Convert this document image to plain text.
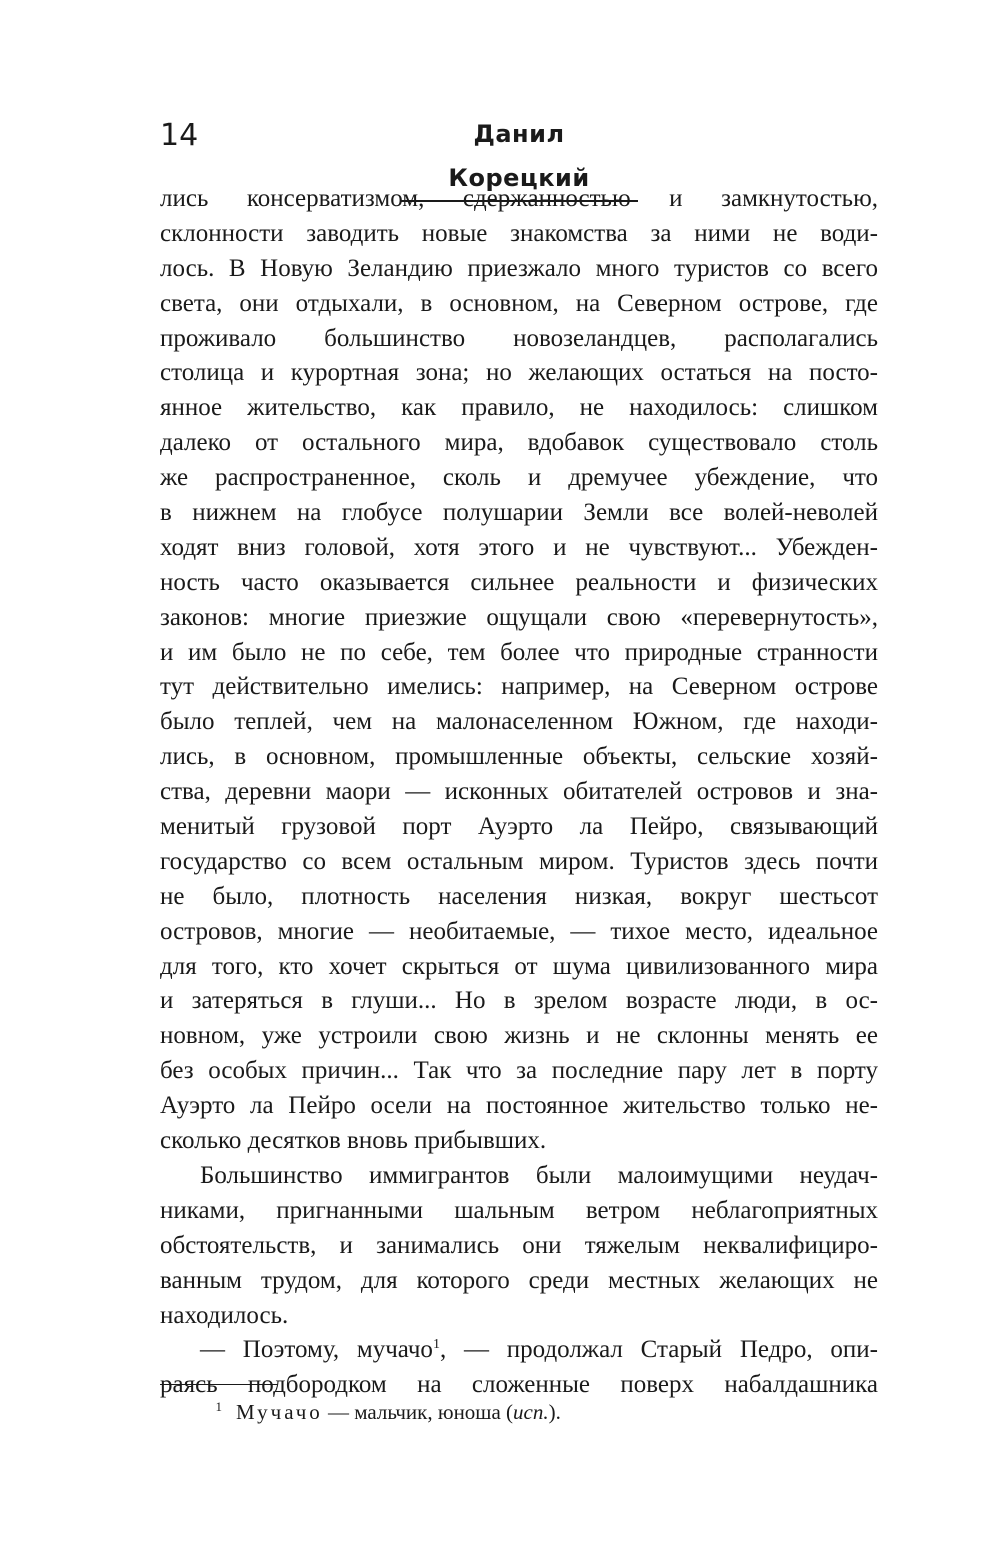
14	Данил Корецкий
лись консерватизмом, сдержанностью и замкнутостью,
склонности заводить новые знакомства за ними не води-
лось. В Новую Зеландию приезжало много туристов со всего
света, они отдыхали, в основном, на Северном острове, где
проживало большинство новозеландцев, располагались
столица и курортная зона; но желающих остаться на посто-
янное жительство, как правило, не находилось: слишком
далеко от остального мира, вдобавок существовало столь
же распространенное, сколь и дремучее убеждение, что
в нижнем на глобусе полушарии Земли все волей-неволей
ходят вниз головой, хотя этого и не чувствуют... Убежден-
ность часто оказывается сильнее реальности и физических
законов: многие приезжие ощущали свою «перевернутость»,
и им было не по себе, тем более что природные странности
тут действительно имелись: например, на Северном острове
было теплей, чем на малонаселенном Южном, где находи-
лись, в основном, промышленные объекты, сельские хозяй-
ства, деревни маори — исконных обитателей островов и зна-
менитый грузовой порт Ауэрто ла Пейро, связывающий
государство со всем остальным миром. Туристов здесь почти
не было, плотность населения низкая, вокруг шестьсот
островов, многие — необитаемые, — тихое место, идеальное
для того, кто хочет скрыться от шума цивилизованного мира
и затеряться в глуши... Но в зрелом возрасте люди, в ос-
новном, уже устроили свою жизнь и не склонны менять ее
без особых причин... Так что за последние пару лет в порту
Ауэрто ла Пейро осели на постоянное жительство только не-
сколько десятков вновь прибывших.
Большинство иммигрантов были малоимущими неудач-
никами, пригнанными шальным ветром неблагоприятных
обстоятельств, и занимались они тяжелым неквалифициро-
ванным трудом, для которого среди местных желающих не
находилось.
— Поэтому, мучачо$^1$, — продолжал Старый Педро, опи-
раясь подбородком на сложенные поверх набалдашника
1 Мучачо — мальчик, юноша (исп.).
